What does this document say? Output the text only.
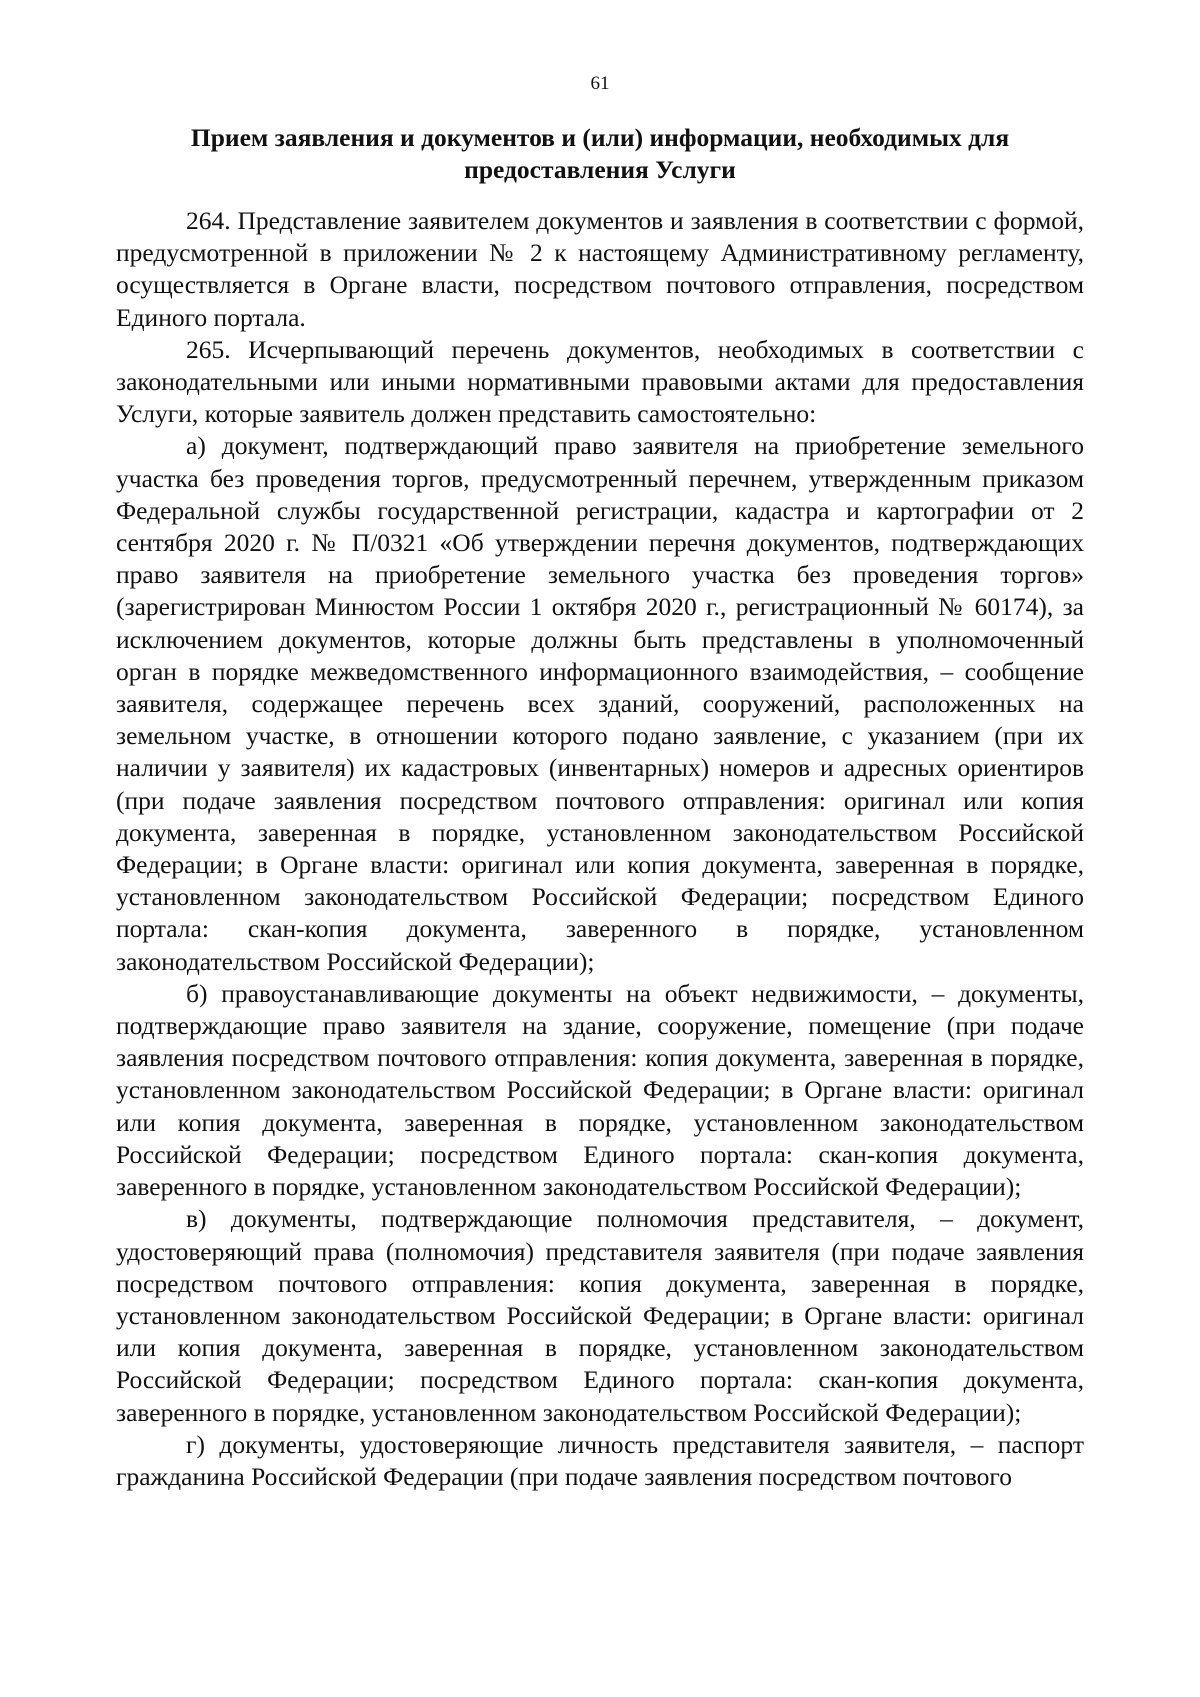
61
Прием заявления и документов и (или) информации, необходимых для предоставления Услуги

264. Представление заявителем документов и заявления в соответствии с формой, предусмотренной в приложении № 2 к настоящему Административному регламенту, осуществляется в Органе власти, посредством почтового отправления, посредством Единого портала.

265. Исчерпывающий перечень документов, необходимых в соответствии с законодательными или иными нормативными правовыми актами для предоставления Услуги, которые заявитель должен представить самостоятельно:

а) документ, подтверждающий право заявителя на приобретение земельного участка без проведения торгов, предусмотренный перечнем, утвержденным приказом Федеральной службы государственной регистрации, кадастра и картографии от 2 сентября 2020 г. № П/0321 «Об утверждении перечня документов, подтверждающих право заявителя на приобретение земельного участка без проведения торгов» (зарегистрирован Минюстом России 1 октября 2020 г., регистрационный № 60174), за исключением документов, которые должны быть представлены в уполномоченный орган в порядке межведомственного информационного взаимодействия, – сообщение заявителя, содержащее перечень всех зданий, сооружений, расположенных на земельном участке, в отношении которого подано заявление, с указанием (при их наличии у заявителя) их кадастровых (инвентарных) номеров и адресных ориентиров (при подаче заявления посредством почтового отправления: оригинал или копия документа, заверенная в порядке, установленном законодательством Российской Федерации; в Органе власти: оригинал или копия документа, заверенная в порядке, установленном законодательством Российской Федерации; посредством Единого портала: скан-копия документа, заверенного в порядке, установленном законодательством Российской Федерации);

б) правоустанавливающие документы на объект недвижимости, – документы, подтверждающие право заявителя на здание, сооружение, помещение (при подаче заявления посредством почтового отправления: копия документа, заверенная в порядке, установленном законодательством Российской Федерации; в Органе власти: оригинал или копия документа, заверенная в порядке, установленном законодательством Российской Федерации; посредством Единого портала: скан-копия документа, заверенного в порядке, установленном законодательством Российской Федерации);

в) документы, подтверждающие полномочия представителя, – документ, удостоверяющий права (полномочия) представителя заявителя (при подаче заявления посредством почтового отправления: копия документа, заверенная в порядке, установленном законодательством Российской Федерации; в Органе власти: оригинал или копия документа, заверенная в порядке, установленном законодательством Российской Федерации; посредством Единого портала: скан-копия документа, заверенного в порядке, установленном законодательством Российской Федерации);

г) документы, удостоверяющие личность представителя заявителя, – паспорт гражданина Российской Федерации (при подаче заявления посредством почтового
